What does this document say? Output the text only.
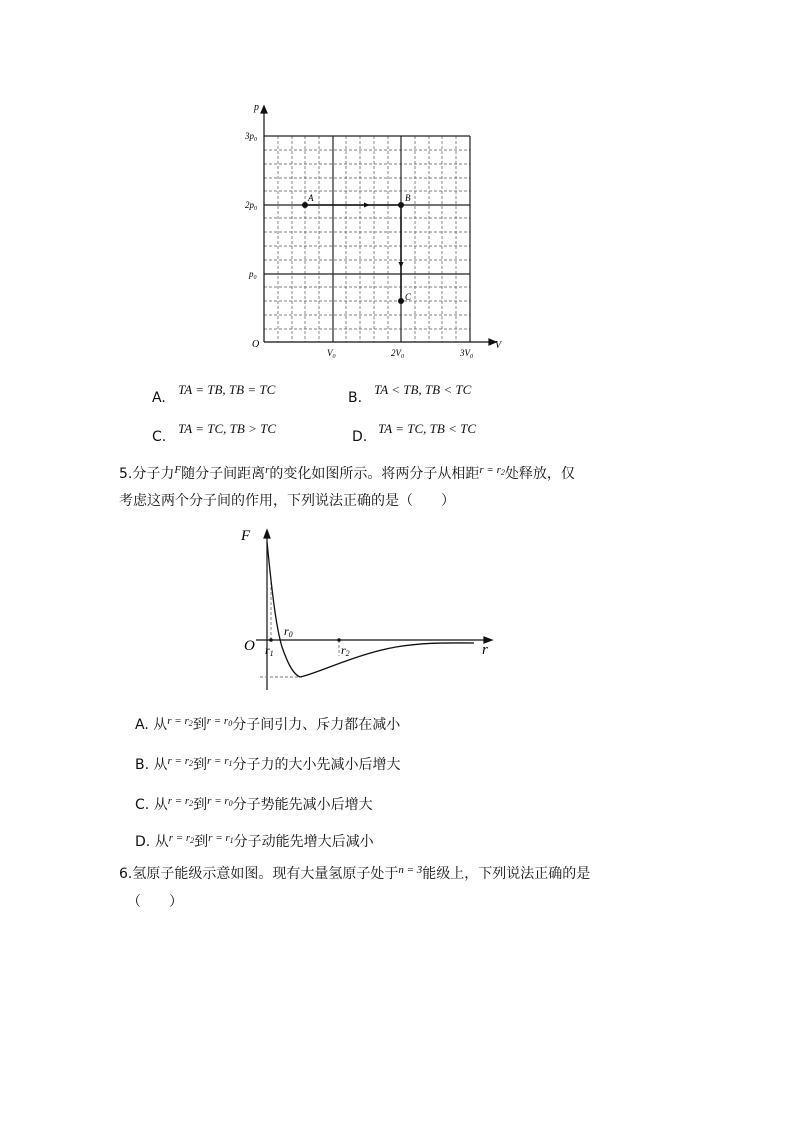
A	B
C
p
V
O
$3p_0$
$2p_0$
$p_0$
$V_0$	$2V_0$	$3V_0$
A.TA = TB, TB = TC
B.TA < TB, TB < TC
C.TA = TC, TB > TC
D.TA = TC, TB < TC
5.分子力$^F$随分子间距离$^r$的变化如图所示。将两分子从相距$^{r = r2}$处释放，仅
考虑这两个分子间的作用，下列说法正确的是（　　）
F
r
O
r0
r1	r2
A. 从$^{r = r2}$到$^{r = r0}$分子间引力、斥力都在减小
B. 从$^{r = r2}$到$^{r = r1}$分子力的大小先减小后增大
C. 从$^{r = r2}$到$^{r = r0}$分子势能先减小后增大
D. 从$^{r = r2}$到$^{r = r1}$分子动能先增大后减小
6.氢原子能级示意如图。现有大量氢原子处于$^{n = 3}$能级上，下列说法正确的是
（　　）
